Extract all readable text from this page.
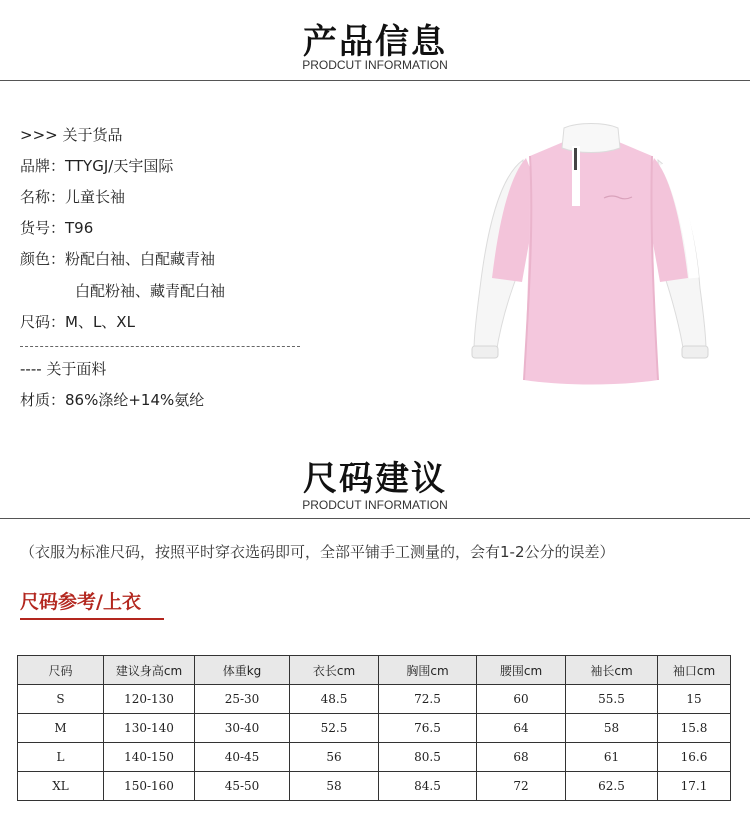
产品信息
PRODCUT INFORMATION
>>> 关于货品
品牌：TTYGJ/天宇国际
名称：儿童长袖
货号：T96
颜色：粉配白袖、白配藏青袖
白配粉袖、藏青配白袖
尺码：M、L、XL
---- 关于面料
材质：86%涤纶+14%氨纶
尺码建议
PRODCUT INFORMATION
（衣服为标准尺码，按照平时穿衣选码即可，全部平铺手工测量的，会有1-2公分的误差）
尺码参考/上衣
尺码	建议身高cm	体重kg	衣长cm	胸围cm	腰围cm	袖长cm	袖口cm
S	120-130	25-30	48.5	72.5	60	55.5	15
M	130-140	30-40	52.5	76.5	64	58	15.8
L	140-150	40-45	56	80.5	68	61	16.6
XL	150-160	45-50	58	84.5	72	62.5	17.1
